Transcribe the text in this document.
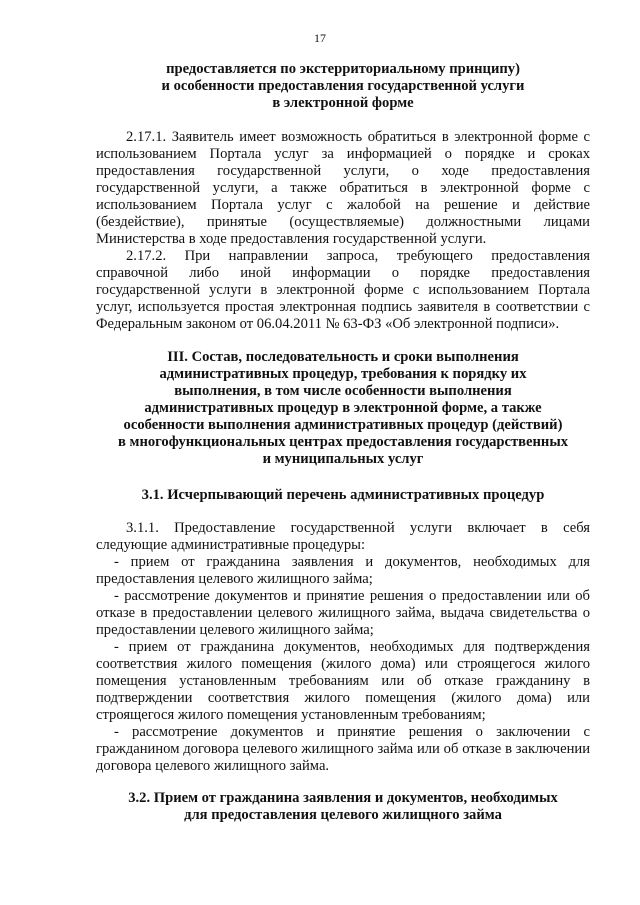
17
предоставляется по экстерриториальному принципу)
и особенности предоставления государственной услуги
в электронной форме

2.17.1. Заявитель имеет возможность обратиться в электронной форме с использованием Портала услуг за информацией о порядке и сроках предоставления государственной услуги, о ходе предоставления государственной услуги, а также обратиться в электронной форме с использованием Портала услуг с жалобой на решение и действие (бездействие), принятые (осуществляемые) должностными лицами Министерства в ходе предоставления государственной услуги.

2.17.2. При направлении запроса, требующего предоставления справочной либо иной информации о порядке предоставления государственной услуги в электронной форме с использованием Портала услуг, используется простая электронная подпись заявителя в соответствии с Федеральным законом от 06.04.2011 № 63-ФЗ «Об электронной подписи».

III. Состав, последовательность и сроки выполнения
административных процедур, требования к порядку их
выполнения, в том числе особенности выполнения
административных процедур в электронной форме, а также
особенности выполнения административных процедур (действий)
в многофункциональных центрах предоставления государственных
и муниципальных услуг
3.1. Исчерпывающий перечень административных процедур

3.1.1. Предоставление государственной услуги включает в себя следующие административные процедуры:

- прием от гражданина заявления и документов, необходимых для предоставления целевого жилищного займа;

- рассмотрение документов и принятие решения о предоставлении или об отказе в предоставлении целевого жилищного займа, выдача свидетельства о предоставлении целевого жилищного займа;

- прием от гражданина документов, необходимых для подтверждения соответствия жилого помещения (жилого дома) или строящегося жилого помещения установленным требованиям или об отказе гражданину в подтверждении соответствия жилого помещения (жилого дома) или строящегося жилого помещения установленным требованиям;

- рассмотрение документов и принятие решения о заключении с гражданином договора целевого жилищного займа или об отказе в заключении договора целевого жилищного займа.

3.2. Прием от гражданина заявления и документов, необходимых
для предоставления целевого жилищного займа
